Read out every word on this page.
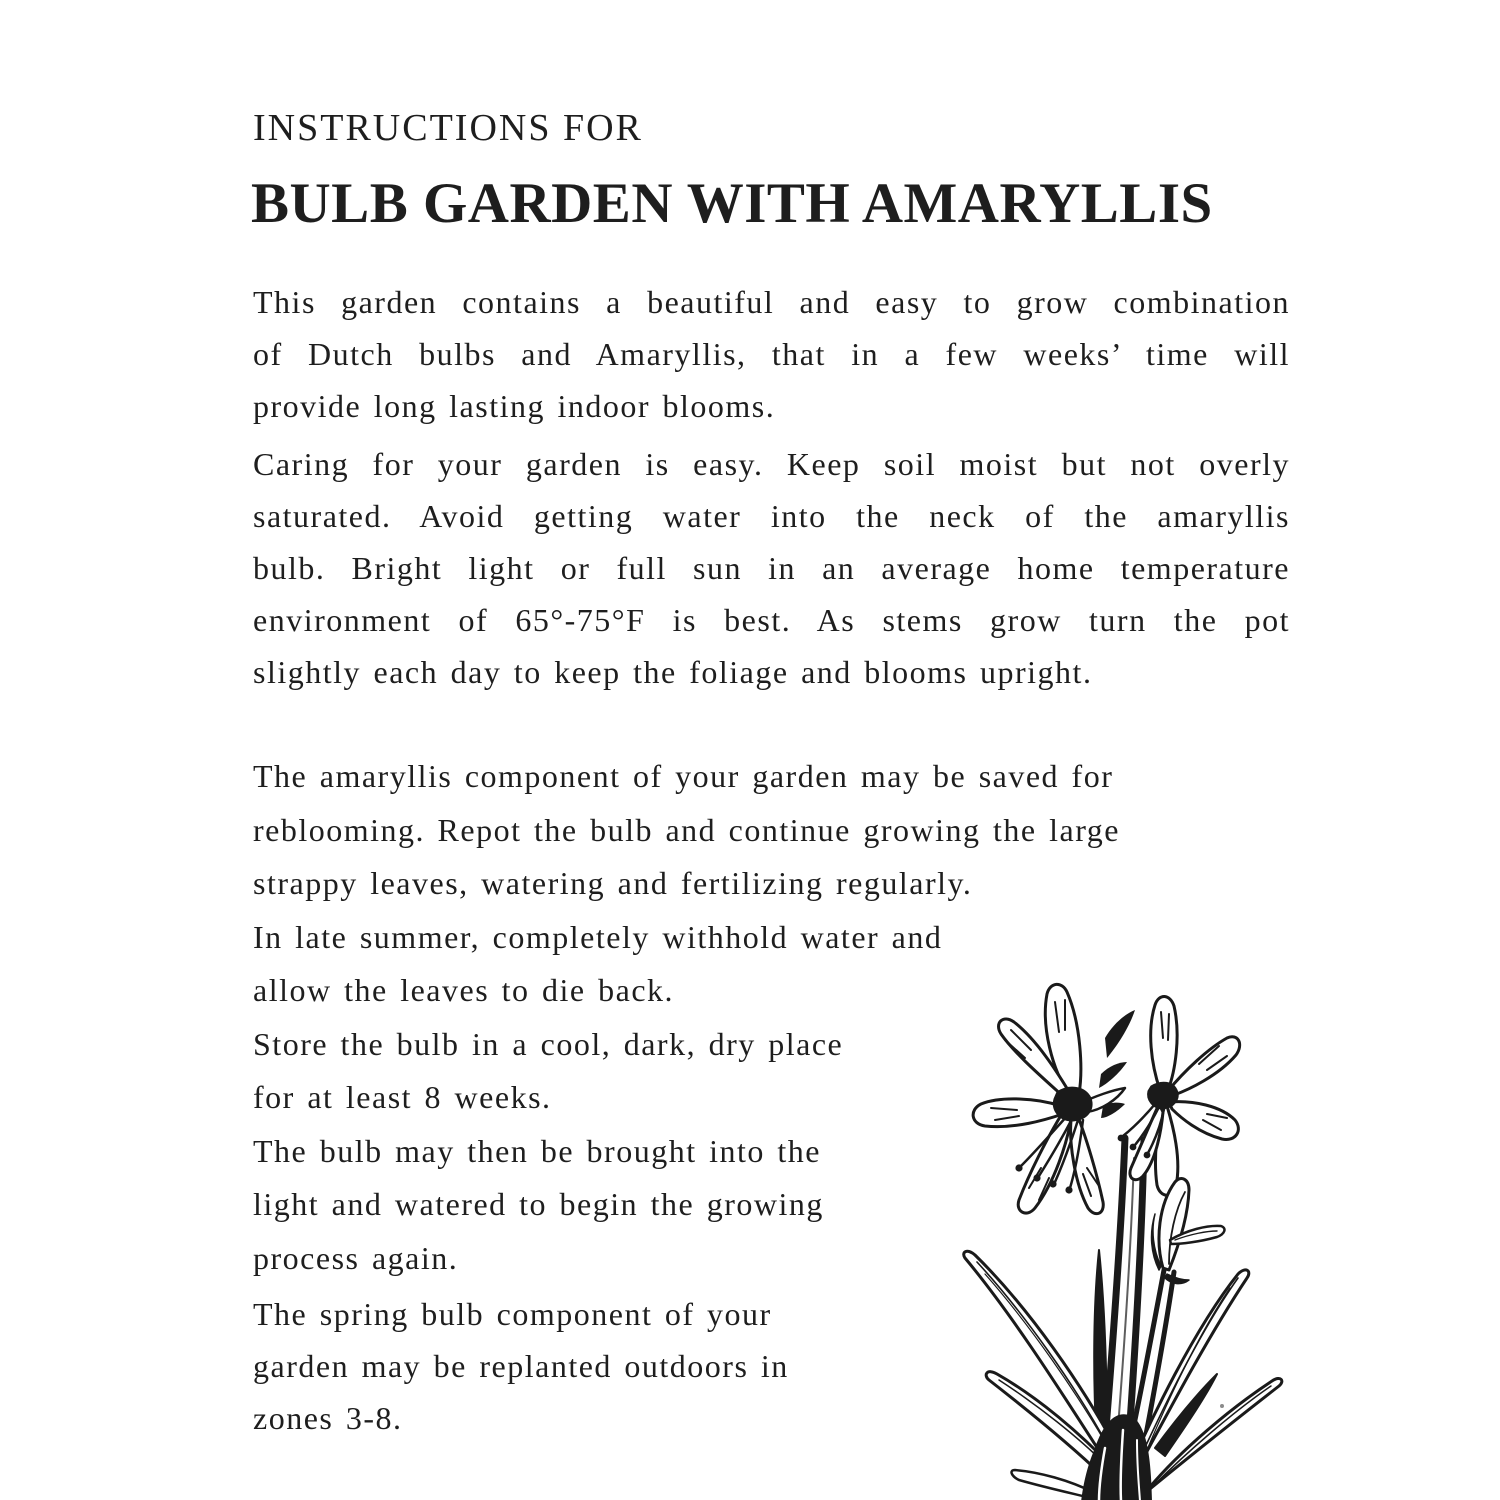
INSTRUCTIONS FOR
BULB GARDEN WITH AMARYLLIS
This garden contains a beautiful and easy to grow combination
of Dutch bulbs and Amaryllis, that in a few weeks’ time will
provide long lasting indoor blooms.
Caring for your garden is easy. Keep soil moist but not overly
saturated. Avoid getting water into the neck of the amaryllis
bulb. Bright light or full sun in an average home temperature
environment of 65°-75°F is best. As stems grow turn the pot
slightly each day to keep the foliage and blooms upright.
The amaryllis component of your garden may be saved for
reblooming. Repot the bulb and continue growing the large
strappy leaves, watering and fertilizing regularly.
In late summer, completely withhold water and
allow the leaves to die back.
Store the bulb in a cool, dark, dry place
for at least 8 weeks.
The bulb may then be brought into the
light and watered to begin the growing
process again.
The spring bulb component of your
garden may be replanted outdoors in
zones 3-8.
